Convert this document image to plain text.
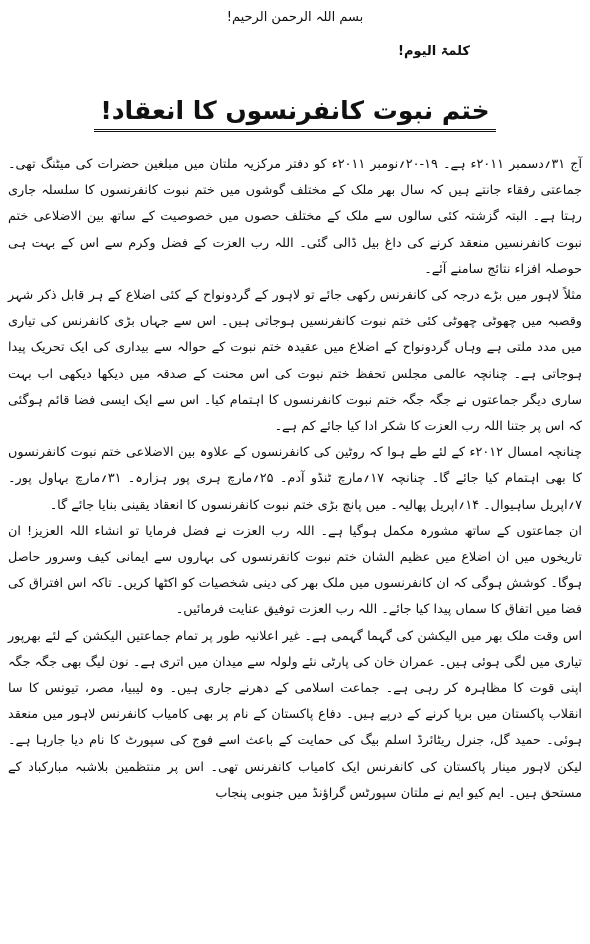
بسم اللہ الرحمن الرحیم!
کلمۃ الیوم!
ختم نبوت کانفرنسوں کا انعقاد!

آج ۳۱؍دسمبر ۲۰۱۱ء ہے۔ ۱۹-۲۰؍نومبر ۲۰۱۱ء کو دفتر مرکزیہ ملتان میں مبلغین حضرات کی میٹنگ تھی۔ جماعتی رفقاء جانتے ہیں کہ سال بھر ملک کے مختلف گوشوں میں ختم نبوت کانفرنسوں کا سلسلہ جاری رہتا ہے۔ البتہ گزشتہ کئی سالوں سے ملک کے مختلف حصوں میں خصوصیت کے ساتھ بین الاضلاعی ختم نبوت کانفرنسیں منعقد کرنے کی داغ بیل ڈالی گئی۔ اللہ رب العزت کے فضل وکرم سے اس کے بہت ہی حوصلہ افزاء نتائج سامنے آئے۔

مثلاً لاہور میں بڑے درجہ کی کانفرنس رکھی جائے تو لاہور کے گردونواح کے کئی اضلاع کے ہر قابل ذکر شہر وقصبہ میں چھوٹی چھوٹی کئی ختم نبوت کانفرنسیں ہوجاتی ہیں۔ اس سے جہاں بڑی کانفرنس کی تیاری میں مدد ملتی ہے وہاں گردونواح کے اضلاع میں عقیدہ ختم نبوت کے حوالہ سے بیداری کی ایک تحریک پیدا ہوجاتی ہے۔ چنانچہ عالمی مجلس تحفظ ختم نبوت کی اس محنت کے صدقہ میں دیکھا دیکھی اب بہت ساری دیگر جماعتوں نے جگہ جگہ ختم نبوت کانفرنسوں کا اہتمام کیا۔ اس سے ایک ایسی فضا قائم ہوگئی کہ اس پر جتنا اللہ رب العزت کا شکر ادا کیا جائے کم ہے۔

چنانچہ امسال ۲۰۱۲ء کے لئے طے ہوا کہ روٹین کی کانفرنسوں کے علاوہ بین الاضلاعی ختم نبوت کانفرنسوں کا بھی اہتمام کیا جائے گا۔ چنانچہ ۱۷؍مارچ ٹنڈو آدم۔ ۲۵؍مارچ ہری پور ہزارہ۔ ۳۱؍مارچ بہاول پور۔ ۷؍اپریل ساہیوال۔ ۱۴؍اپریل پھالیہ۔ میں پانچ بڑی ختم نبوت کانفرنسوں کا انعقاد یقینی بنایا جائے گا۔

ان جماعتوں کے ساتھ مشورہ مکمل ہوگیا ہے۔ اللہ رب العزت نے فضل فرمایا تو انشاء اللہ العزیز! ان تاریخوں میں ان اضلاع میں عظیم الشان ختم نبوت کانفرنسوں کی بہاروں سے ایمانی کیف وسرور حاصل ہوگا۔ کوشش ہوگی کہ ان کانفرنسوں میں ملک بھر کی دینی شخصیات کو اکٹھا کریں۔ تاکہ اس افتراق کی فضا میں اتفاق کا سماں پیدا کیا جائے۔ اللہ رب العزت توفیق عنایت فرمائیں۔

اس وقت ملک بھر میں الیکشن کی گہما گہمی ہے۔ غیر اعلانیہ طور پر تمام جماعتیں الیکشن کے لئے بھرپور تیاری میں لگی ہوئی ہیں۔ عمران خان کی پارٹی نئے ولولہ سے میدان میں اتری ہے۔ نون لیگ بھی جگہ جگہ اپنی قوت کا مظاہرہ کر رہی ہے۔ جماعت اسلامی کے دھرنے جاری ہیں۔ وہ لیبیا، مصر، تیونس کا سا انقلاب پاکستان میں برپا کرنے کے درپے ہیں۔ دفاع پاکستان کے نام پر بھی کامیاب کانفرنس لاہور میں منعقد ہوئی۔ حمید گل، جنرل ریٹائرڈ اسلم بیگ کی حمایت کے باعث اسے فوج کی سپورٹ کا نام دیا جارہا ہے۔ لیکن لاہور مینار پاکستان کی کانفرنس ایک کامیاب کانفرنس تھی۔ اس پر منتظمین بلاشبہ مبارکباد کے مستحق ہیں۔ ایم کیو ایم نے ملتان سپورٹس گراؤنڈ میں جنوبی پنجاب
